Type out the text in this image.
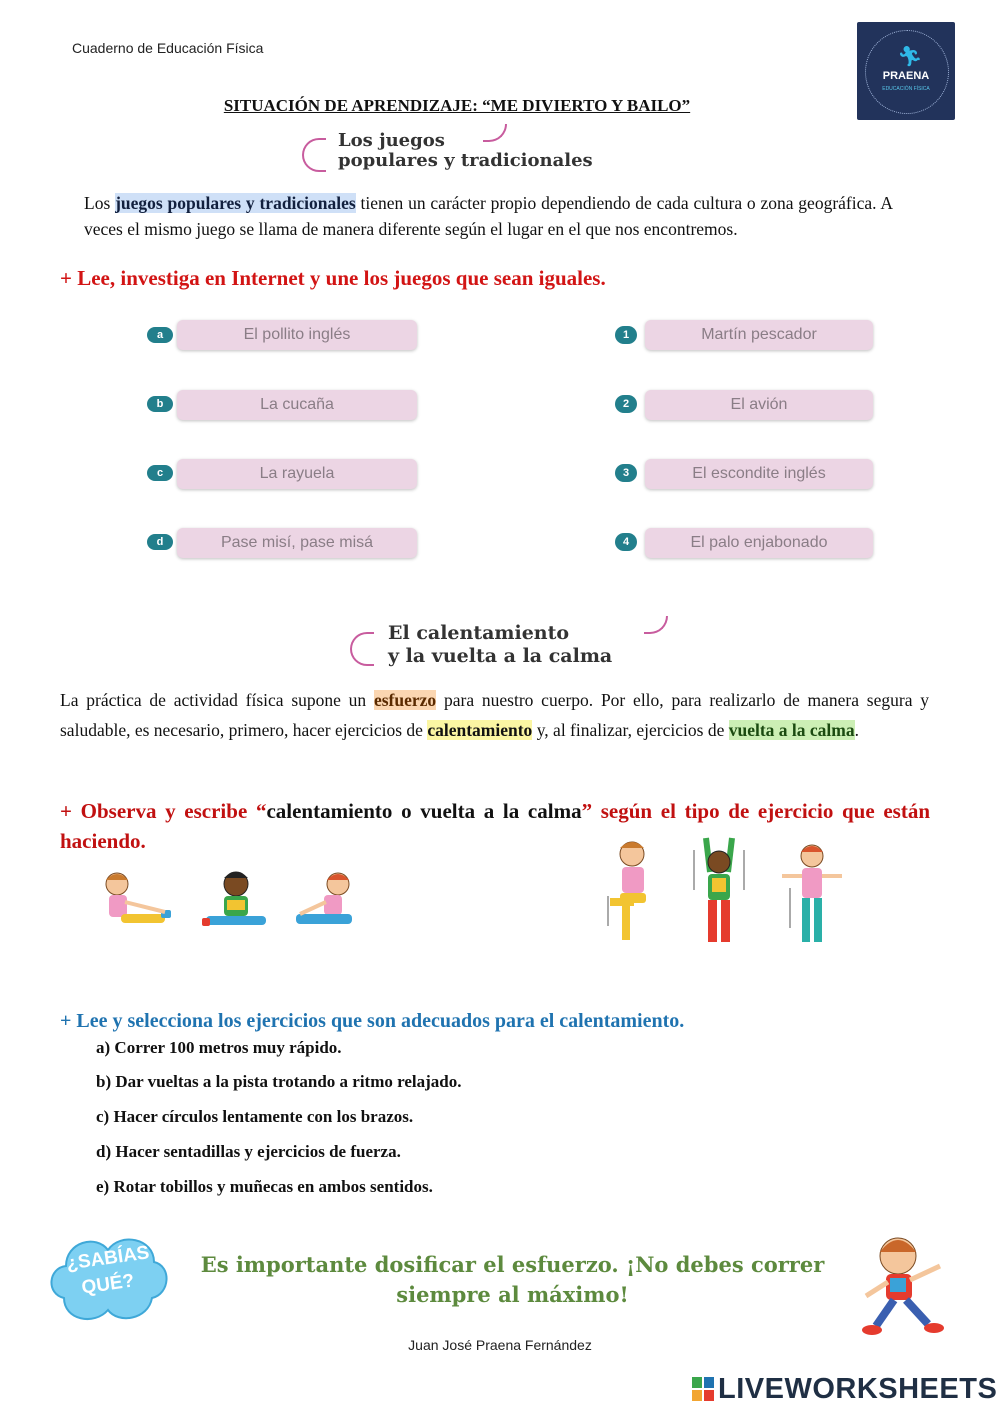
Cuaderno de Educación Física	🏃︎
PRAENA
EDUCACIÓN FÍSICA
SITUACIÓN DE APRENDIZAJE: “ME DIVIERTO Y BAILO”
Los juegos
populares y tradicionales

Los juegos populares y tradicionales tienen un carácter propio dependiendo de cada cultura o zona geográfica. A veces el mismo juego se llama de manera diferente según el lugar en el que nos encontremos.

+ Lee, investiga en Internet y une los juegos que sean iguales.
a	El pollito inglés
b	La cucaña
c	La rayuela
d	Pase misí, pase misá
1	Martín pescador
2	El avión
3	El escondite inglés
4	El palo enjabonado
El calentamiento
y la vuelta a la calma

La práctica de actividad física supone un esfuerzo para nuestro cuerpo. Por ello, para realizarlo de manera segura y saludable, es necesario, primero, hacer ejercicios de calentamiento y, al finalizar, ejercicios de vuelta a la calma.

+ Observa y escribe “calentamiento o vuelta a la calma” según el tipo de ejercicio que están haciendo.

+ Lee y selecciona los ejercicios que son adecuados para el calentamiento.
a) Correr 100 metros muy rápido.
b) Dar vueltas a la pista trotando a ritmo relajado.
c) Hacer círculos lentamente con los brazos.
d) Hacer sentadillas y ejercicios de fuerza.
e) Rotar tobillos y muñecas en ambos sentidos.
¿SABÍAS
QUÉ?
Es importante dosificar el esfuerzo. ¡No debes correr siempre al máximo!
Juan José Praena Fernández
LIVEWORKSHEETS
